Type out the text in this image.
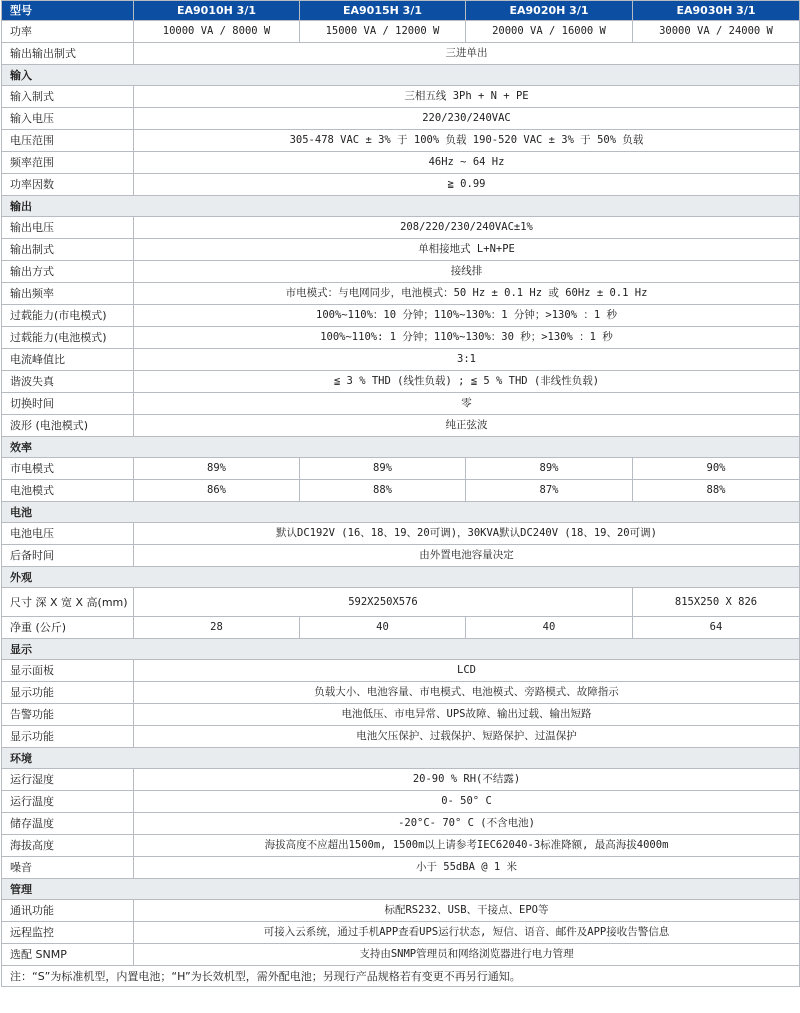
型号	EA9010H 3/1	EA9015H 3/1	EA9020H 3/1	EA9030H 3/1
功率	10000 VA / 8000 W	15000 VA / 12000 W	20000 VA / 16000 W	30000 VA / 24000 W
输出输出制式	三进单出			
输入				
输入制式	三相五线 3Ph + N + PE			
输入电压	220/230/240VAC			
电压范围	305-478 VAC ± 3% 于 100% 负载 190-520 VAC ± 3% 于 50% 负载			
频率范围	46Hz ~ 64 Hz			
功率因数	≧ 0.99			
输出				
输出电压	208/220/230/240VAC±1%			
输出制式	单相接地式 L+N+PE			
输出方式	接线排			
输出频率	市电模式：与电网同步，电池模式：50 Hz ± 0.1 Hz 或 60Hz ± 0.1 Hz			
过载能力(市电模式)	100%~110%：10 分钟；110%~130%：1 分钟；>130% ：1 秒			
过载能力(电池模式)	100%~110%: 1 分钟；110%~130%：30 秒；>130% ：1 秒			
电流峰值比	3:1			
谐波失真	≦ 3 % THD (线性负载) ; ≦ 5 % THD (非线性负载)			
切换时间	零			
波形 (电池模式)	纯正弦波			
效率				
市电模式	89%	89%	89%	90%
电池模式	86%	88%	87%	88%
电池				
电池电压	默认DC192V (16、18、19、20可调)，30KVA默认DC240V (18、19、20可调)			
后备时间	由外置电池容量决定			
外观				
尺寸 深 X 宽 X 高(mm)	592X250X576			815X250 X 826
净重 (公斤)	28	40	40	64
显示				
显示面板	LCD			
显示功能	负载大小、电池容量、市电模式、电池模式、旁路模式、故障指示			
告警功能	电池低压、市电异常、UPS故障、输出过载、输出短路			
显示功能	电池欠压保护、过载保护、短路保护、过温保护			
环境				
运行湿度	20-90 % RH(不结露)			
运行温度	0- 50° C			
储存温度	-20°C- 70° C (不含电池)			
海拔高度	海拔高度不应超出1500m, 1500m以上请参考IEC62040-3标准降额, 最高海拔4000m			
噪音	小于 55dBA @ 1 米			
管理				
通讯功能	标配RS232、USB、干接点、EPO等			
远程监控	可接入云系统，通过手机APP查看UPS运行状态, 短信、语音、邮件及APP接收告警信息			
选配 SNMP	支持由SNMP管理员和网络浏览器进行电力管理			
注：“S”为标准机型，内置电池；“H”为长效机型，需外配电池；另现行产品规格若有变更不再另行通知。				
